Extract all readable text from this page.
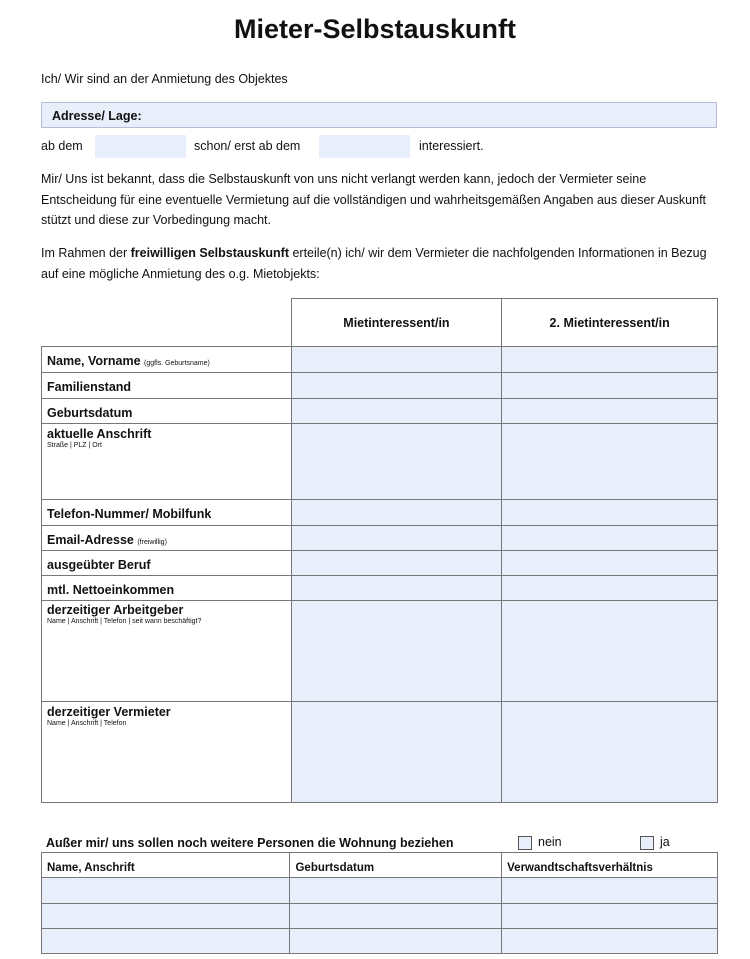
Mieter-Selbstauskunft
Ich/ Wir sind an der Anmietung des Objektes
Adresse/ Lage:
ab dem	schon/ erst ab dem	interessiert.
Mir/ Uns ist bekannt, dass die Selbstauskunft von uns nicht verlangt werden kann, jedoch der Vermieter seine Entscheidung für eine eventuelle Vermietung auf die vollständigen und wahrheitsgemäßen Angaben aus dieser Auskunft stützt und diese zur Vorbedingung macht.
Im Rahmen der freiwilligen Selbstauskunft erteile(n) ich/ wir dem Vermieter die nachfolgenden Informationen in Bezug auf eine mögliche Anmietung des o.g. Mietobjekts:
	Mietinteressent/in	2. Mietinteressent/in
Name, Vorname (ggfls. Geburtsname)		
Familienstand		
Geburtsdatum		
aktuelle Anschrift
Straße | PLZ | Ort		

Telefon-Nummer/ Mobilfunk		
Email-Adresse (freiwillig)		
ausgeübter Beruf		
mtl. Nettoeinkommen		
derzeitiger Arbeitgeber
Name | Anschrift | Telefon | seit wann beschäftigt?		

derzeitiger Vermieter
Name | Anschrift | Telefon		

Außer mir/ uns sollen noch weitere Personen die Wohnung beziehen	nein	ja
Name, Anschrift	Geburtsdatum	Verwandtschaftsverhältnis
